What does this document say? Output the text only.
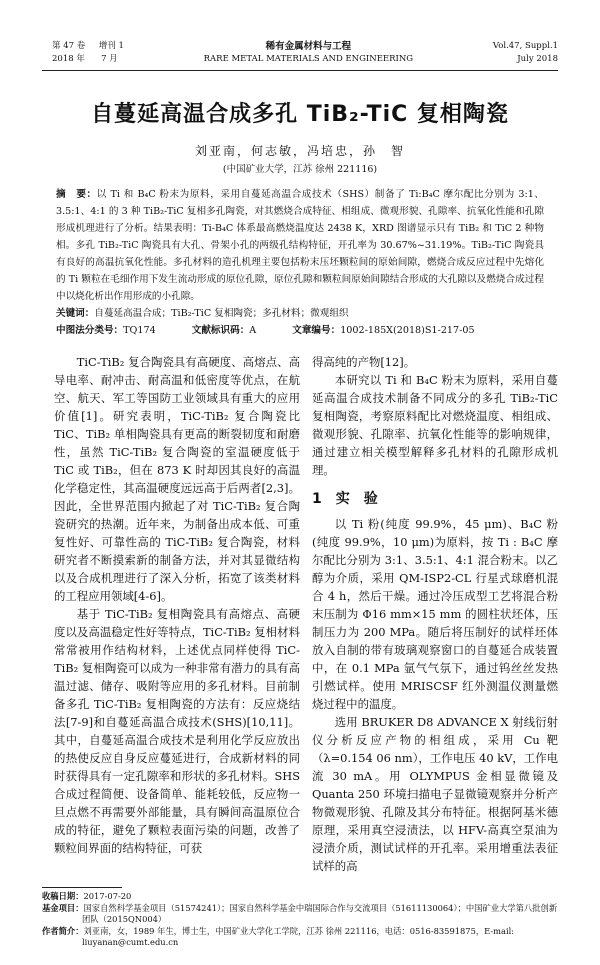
第 47 卷 增刊 1
2018 年 7 月
稀有金属材料与工程
RARE METAL MATERIALS AND ENGINEERING
Vol.47, Suppl.1
July 2018
自蔓延高温合成多孔 TiB₂-TiC 复相陶瓷
刘亚南，何志敏，冯培忠，孙　智
(中国矿业大学，江苏 徐州 221116)
摘　要：以 Ti 和 B₄C 粉末为原料，采用自蔓延高温合成技术（SHS）制备了 Ti:B₄C 摩尔配比分别为 3:1、3.5:1、4:1 的 3 种 TiB₂-TiC 复相多孔陶瓷，对其燃烧合成特征、相组成、微观形貌、孔隙率、抗氧化性能和孔隙形成机理进行了分析。结果表明：Ti-B₄C 体系最高燃烧温度达 2438 K，XRD 图谱显示只有 TiB₂ 和 TiC 2 种物相。多孔 TiB₂-TiC 陶瓷具有大孔、骨架小孔的两级孔结构特征，开孔率为 30.67%~31.19%。TiB₂-TiC 陶瓷具有良好的高温抗氧化性能。多孔材料的造孔机理主要包括粉末压坯颗粒间的原始间隙，燃烧合成反应过程中先熔化的 Ti 颗粒在毛细作用下发生流动形成的原位孔隙，原位孔隙和颗粒间原始间隙结合形成的大孔隙以及燃烧合成过程中以烧化析出作用形成的小孔隙。
关键词：自蔓延高温合成；TiB₂-TiC 复相陶瓷；多孔材料；微观组织
中图法分类号：TQ174	文献标识码：A	文章编号：1002-185X(2018)S1-217-05

TiC-TiB₂ 复合陶瓷具有高硬度、高熔点、高导电率、耐冲击、耐高温和低密度等优点，在航空、航天、军工等国防工业领域具有重大的应用价值[1]。研究表明，TiC-TiB₂ 复合陶瓷比 TiC、TiB₂ 单相陶瓷具有更高的断裂韧度和耐磨性，虽然 TiC-TiB₂ 复合陶瓷的室温硬度低于 TiC 或 TiB₂，但在 873 K 时却因其良好的高温化学稳定性，其高温硬度远远高于后两者[2,3]。因此，全世界范围内掀起了对 TiC-TiB₂ 复合陶瓷研究的热潮。近年来，为制备出成本低、可重复性好、可靠性高的 TiC-TiB₂ 复合陶瓷，材料研究者不断摸索新的制备方法，并对其显微结构以及合成机理进行了深入分析，拓宽了该类材料的工程应用领域[4-6]。

基于 TiC-TiB₂ 复相陶瓷具有高熔点、高硬度以及高温稳定性好等特点，TiC-TiB₂ 复相材料常常被用作结构材料，上述优点同样使得 TiC-TiB₂ 复相陶瓷可以成为一种非常有潜力的具有高温过滤、储存、吸附等应用的多孔材料。目前制备多孔 TiC-TiB₂ 复相陶瓷的方法有：反应烧结法[7-9]和自蔓延高温合成技术(SHS)[10,11]。其中，自蔓延高温合成技术是利用化学反应放出的热使反应自身反应蔓延进行，合成新材料的同时获得具有一定孔隙率和形状的多孔材料。SHS 合成过程简便、设备简单、能耗较低，反应物一旦点燃不再需要外部能量，具有瞬间高温原位合成的特征，避免了颗粒表面污染的问题，改善了颗粒间界面的结构特征，可获

得高纯的产物[12]。

本研究以 Ti 和 B₄C 粉末为原料，采用自蔓延高温合成技术制备不同成分的多孔 TiB₂-TiC 复相陶瓷，考察原料配比对燃烧温度、相组成、微观形貌、孔隙率、抗氧化性能等的影响规律，通过建立相关模型解释多孔材料的孔隙形成机理。

1 实　验

以 Ti 粉(纯度 99.9%，45 μm)、B₄C 粉(纯度 99.9%，10 μm)为原料，按 Ti : B₄C 摩尔配比分别为 3:1、3.5:1、4:1 混合粉末。以乙醇为介质，采用 QM-ISP2-CL 行星式球磨机混合 4 h，然后干燥。通过冷压成型工艺将混合粉末压制为 Φ16 mm×15 mm 的圆柱状坯体，压制压力为 200 MPa。随后将压制好的试样坯体放入自制的带有玻璃观察窗口的自蔓延合成装置中，在 0.1 MPa 氩气气氛下，通过钨丝丝发热引燃试样。使用 MRISCSF 红外测温仪测量燃烧过程中的温度。

选用 BRUKER D8 ADVANCE X 射线衍射仪分析反应产物的相组成，采用 Cu 靶（λ=0.154 06 nm），工作电压 40 kV，工作电流 30 mA。用 OLYMPUS 金相显微镜及 Quanta 250 环境扫描电子显微镜观察并分析产物微观形貌、孔隙及其分布特征。根据阿基米德原理，采用真空浸渍法，以 HFV-高真空泵油为浸渍介质，测试试样的开孔率。采用增重法表征试样的高

收稿日期：2017-07-20
基金项目：国家自然科学基金项目（51574241）；国家自然科学基金中瑞国际合作与交流项目（51611130064）；中国矿业大学第八批创新团队（2015QN004）
作者简介：刘亚南，女，1989 年生，博士生，中国矿业大学化工学院，江苏 徐州 221116，电话：0516-83591875，E-mail: liuyanan@cumt.edu.cn
